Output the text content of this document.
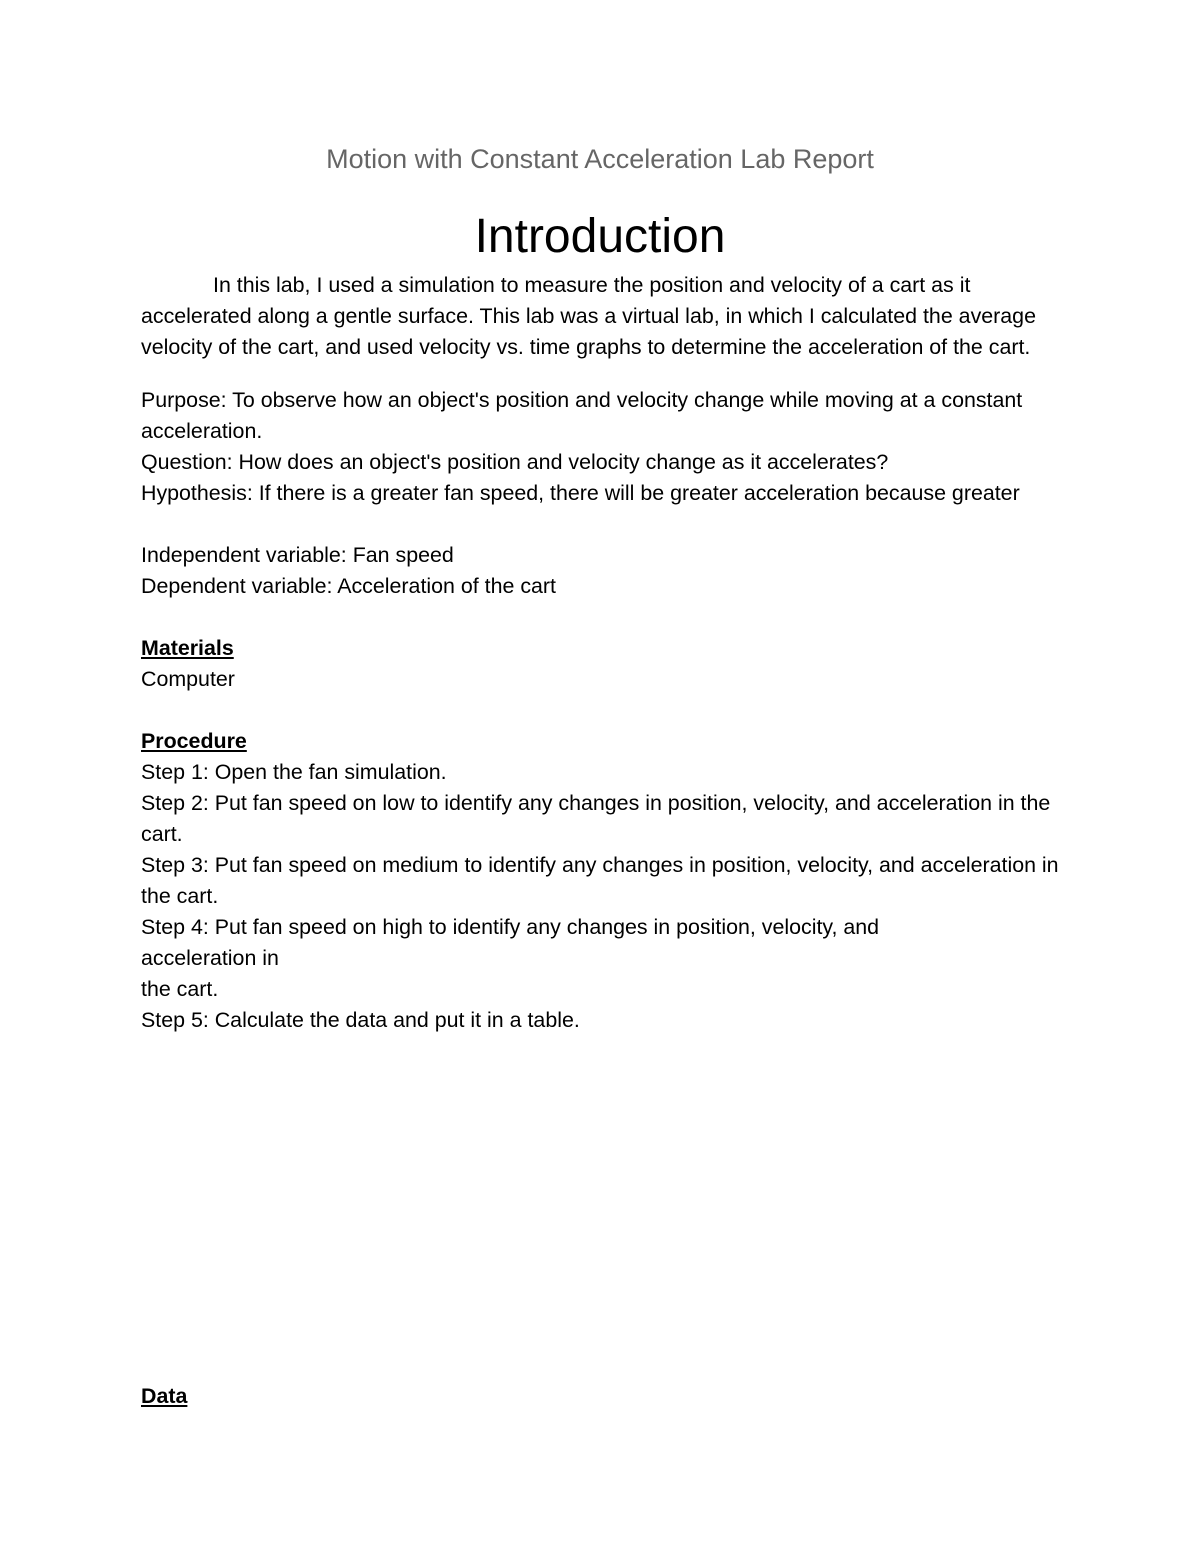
Motion with Constant Acceleration Lab Report
Introduction

In this lab, I used a simulation to measure the position and velocity of a cart as it accelerated along a gentle surface. This lab was a virtual lab, in which I calculated the average velocity of the cart, and used velocity vs. time graphs to determine the acceleration of the cart.

Purpose: To observe how an object's position and velocity change while moving at a constant acceleration.

Question: How does an object's position and velocity change as it accelerates?

Hypothesis: If there is a greater fan speed, there will be greater acceleration because greater

Independent variable: Fan speed

Dependent variable: Acceleration of the cart

Materials

Computer

Procedure

Step 1: Open the fan simulation.

Step 2: Put fan speed on low to identify any changes in position, velocity, and acceleration in the cart.

Step 3: Put fan speed on medium to identify any changes in position, velocity, and acceleration in the cart.

Step 4: Put fan speed on high to identify any changes in position, velocity, and acceleration in

the cart.

Step 5: Calculate the data and put it in a table.

Data
